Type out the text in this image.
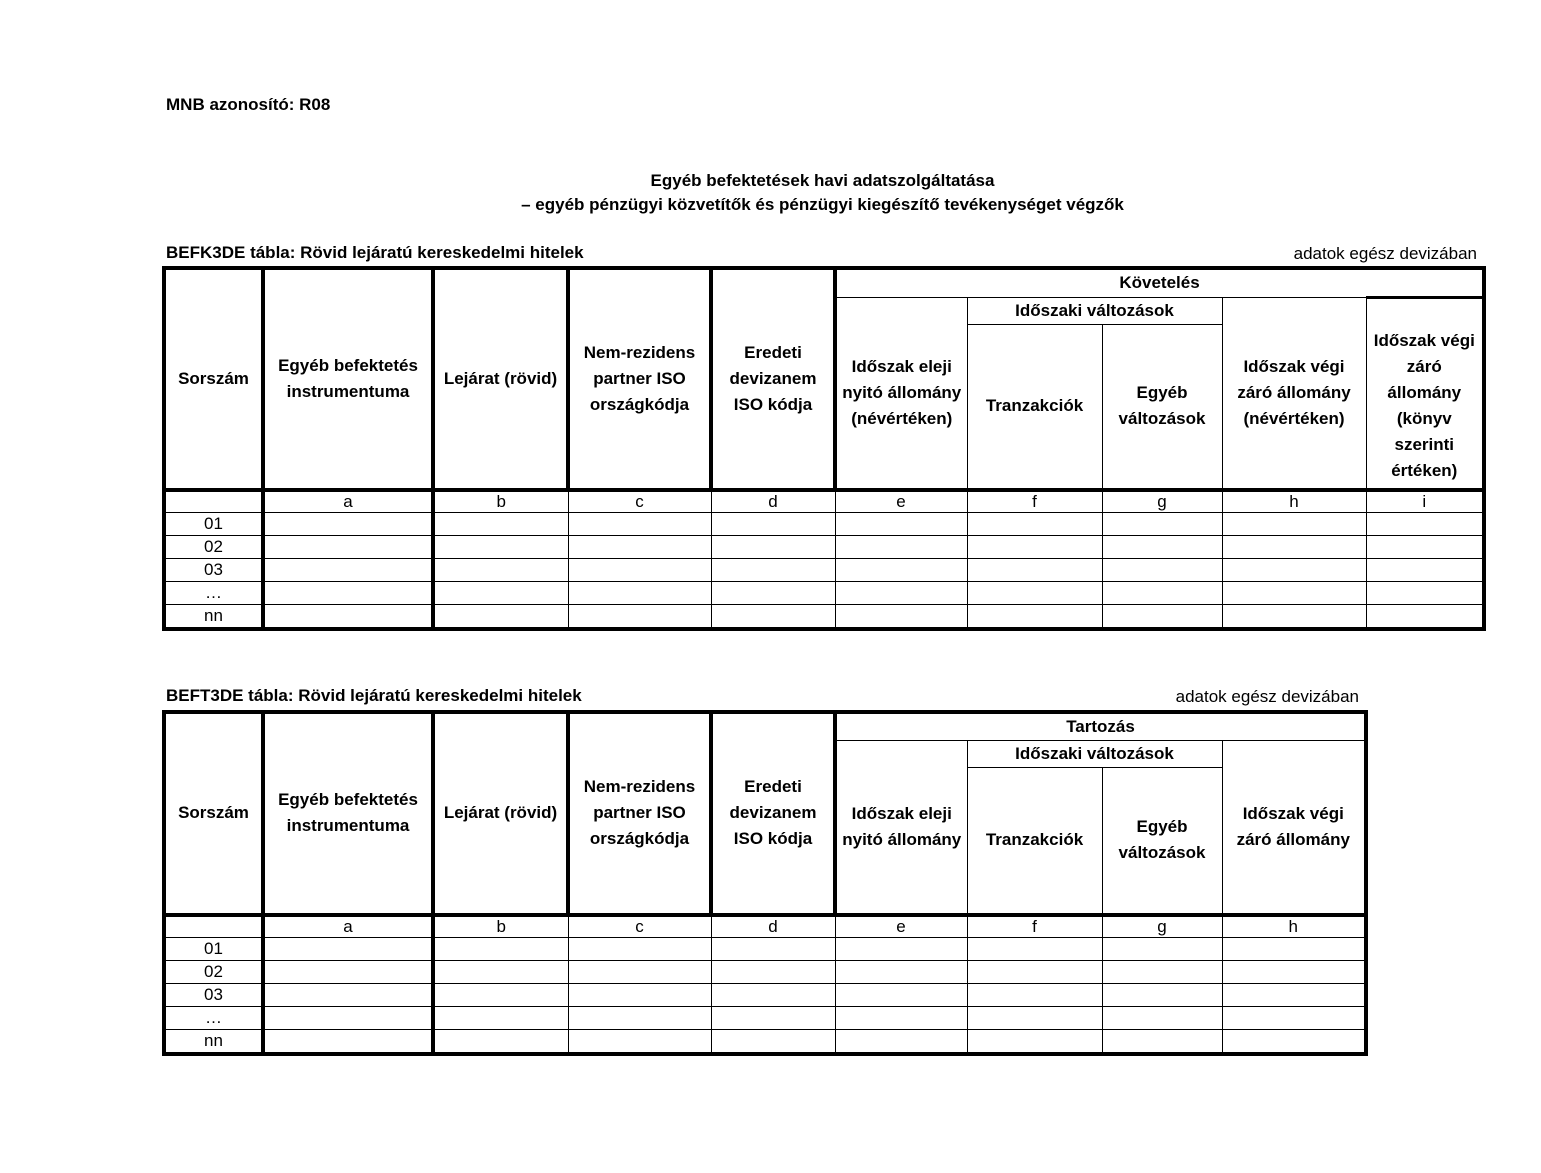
MNB azonosító: R08
Egyéb befektetések havi adatszolgáltatása
– egyéb pénzügyi közvetítők és pénzügyi kiegészítő tevékenységet végzők
BEFK3DE tábla: Rövid lejáratú kereskedelmi hitelek	adatok egész devizában
Sorszám	Egyéb befektetés instrumentuma	Lejárat (rövid)	Nem-rezidens partner ISO országkódja	Eredeti devizanem ISO kódja	Követelés				
					Időszak eleji nyitó állomány (névértéken)	Időszaki változások		Időszak végi záró állomány (névértéken)	
						Tranzakciók	Egyéb változások		Időszak végi záró állomány (könyv szerinti értéken)

	a	b	c	d	e	f	g	h	i
01									
02									
03									
…									
nn									
BEFT3DE tábla: Rövid lejáratú kereskedelmi hitelek	adatok egész devizában
Sorszám	Egyéb befektetés instrumentuma	Lejárat (rövid)	Nem-rezidens partner ISO országkódja	Eredeti devizanem ISO kódja	Tartozás			
					Időszak eleji nyitó állomány	Időszaki változások		Időszak végi záró állomány
						Tranzakciók	Egyéb változások	

	a	b	c	d	e	f	g	h
01								
02								
03								
…								
nn								
